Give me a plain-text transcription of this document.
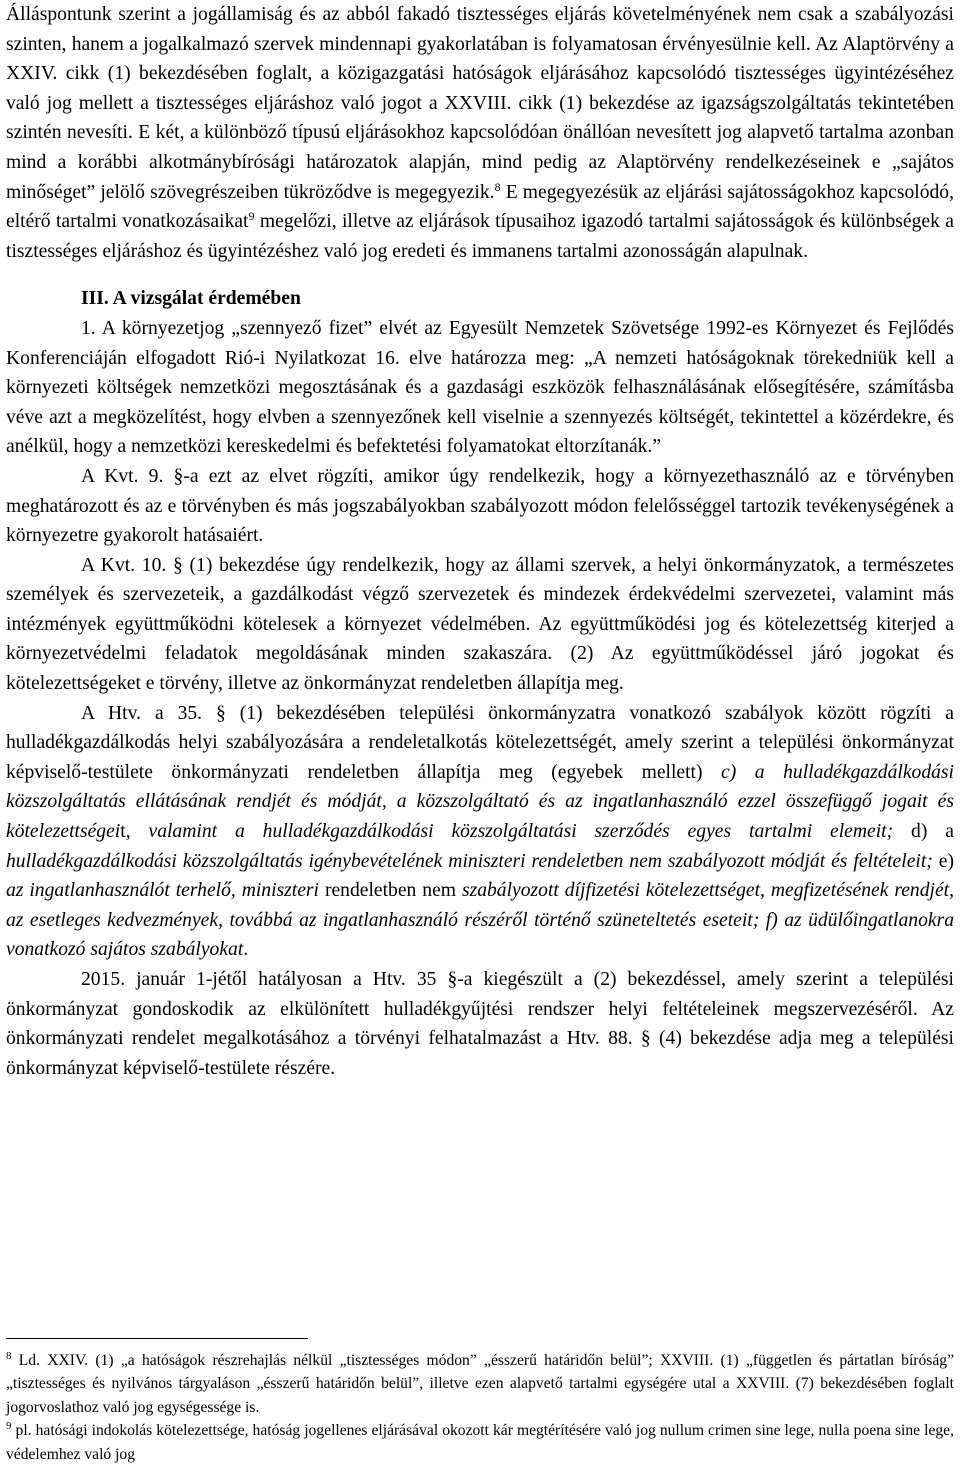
Álláspontunk szerint a jogállamiság és az abból fakadó tisztességes eljárás követelményének nem csak a szabályozási szinten, hanem a jogalkalmazó szervek mindennapi gyakorlatában is folyamatosan érvényesülnie kell. Az Alaptörvény a XXIV. cikk (1) bekezdésében foglalt, a közigazgatási hatóságok eljárásához kapcsolódó tisztességes ügyintézéséhez való jog mellett a tisztességes eljáráshoz való jogot a XXVIII. cikk (1) bekezdése az igazságszolgáltatás tekintetében szintén nevesíti. E két, a különböző típusú eljárásokhoz kapcsolódóan önállóan nevesített jog alapvető tartalma azonban mind a korábbi alkotmánybírósági határozatok alapján, mind pedig az Alaptörvény rendelkezéseinek e „sajátos minőséget” jelölő szövegrészeiben tükröződve is megegyezik.$^8$ E megegyezésük az eljárási sajátosságokhoz kapcsolódó, eltérő tartalmi vonatkozásaikat$^9$ megelőzi, illetve az eljárások típusaihoz igazodó tartalmi sajátosságok és különbségek a tisztességes eljáráshoz és ügyintézéshez való jog eredeti és immanens tartalmi azonosságán alapulnak.

III. A vizsgálat érdemében

1. A környezetjog „szennyező fizet” elvét az Egyesült Nemzetek Szövetsége 1992-es Környezet és Fejlődés Konferenciáján elfogadott Rió-i Nyilatkozat 16. elve határozza meg: „A nemzeti hatóságoknak törekedniük kell a környezeti költségek nemzetközi megosztásának és a gazdasági eszközök felhasználásának elősegítésére, számításba véve azt a megközelítést, hogy elvben a szennyezőnek kell viselnie a szennyezés költségét, tekintettel a közérdekre, és anélkül, hogy a nemzetközi kereskedelmi és befektetési folyamatokat eltorzítanák.”

A Kvt. 9. §-a ezt az elvet rögzíti, amikor úgy rendelkezik, hogy a környezethasználó az e törvényben meghatározott és az e törvényben és más jogszabályokban szabályozott módon felelősséggel tartozik tevékenységének a környezetre gyakorolt hatásaiért.

A Kvt. 10. § (1) bekezdése úgy rendelkezik, hogy az állami szervek, a helyi önkormányzatok, a természetes személyek és szervezeteik, a gazdálkodást végző szervezetek és mindezek érdekvédelmi szervezetei, valamint más intézmények együttműködni kötelesek a környezet védelmében. Az együttműködési jog és kötelezettség kiterjed a környezetvédelmi feladatok megoldásának minden szakaszára. (2) Az együttműködéssel járó jogokat és kötelezettségeket e törvény, illetve az önkormányzat rendeletben állapítja meg.

A Htv. a 35. § (1) bekezdésében települési önkormányzatra vonatkozó szabályok között rögzíti a hulladékgazdálkodás helyi szabályozására a rendeletalkotás kötelezettségét, amely szerint a települési önkormányzat képviselő-testülete önkormányzati rendeletben állapítja meg (egyebek mellett) c) a hulladékgazdálkodási közszolgáltatás ellátásának rendjét és módját, a közszolgáltató és az ingatlanhasználó ezzel összefüggő jogait és kötelezettségeit, valamint a hulladékgazdálkodási közszolgáltatási szerződés egyes tartalmi elemeit; d) a hulladékgazdálkodási közszolgáltatás igénybevételének miniszteri rendeletben nem szabályozott módját és feltételeit; e) az ingatlanhasználót terhelő, miniszteri rendeletben nem szabályozott díjfizetési kötelezettséget, megfizetésének rendjét, az esetleges kedvezmények, továbbá az ingatlanhasználó részéről történő szüneteltetés eseteit; f) az üdülőingatlanokra vonatkozó sajátos szabályokat.

2015. január 1-jétől hatályosan a Htv. 35 §-a kiegészült a (2) bekezdéssel, amely szerint a települési önkormányzat gondoskodik az elkülönített hulladékgyűjtési rendszer helyi feltételeinek megszervezéséről. Az önkormányzati rendelet megalkotásához a törvényi felhatalmazást a Htv. 88. § (4) bekezdése adja meg a települési önkormányzat képviselő-testülete részére.

$^8$ Ld. XXIV. (1) „a hatóságok részrehajlás nélkül „tisztességes módon” „ésszerű határidőn belül”; XXVIII. (1) „független és pártatlan bíróság” „tisztességes és nyilvános tárgyaláson „ésszerű határidőn belül”, illetve ezen alapvető tartalmi egységére utal a XXVIII. (7) bekezdésében foglalt jogorvoslathoz való jog egységessége is.

$^9$ pl. hatósági indokolás kötelezettsége, hatóság jogellenes eljárásával okozott kár megtérítésére való jog nullum crimen sine lege, nulla poena sine lege, védelemhez való jog
